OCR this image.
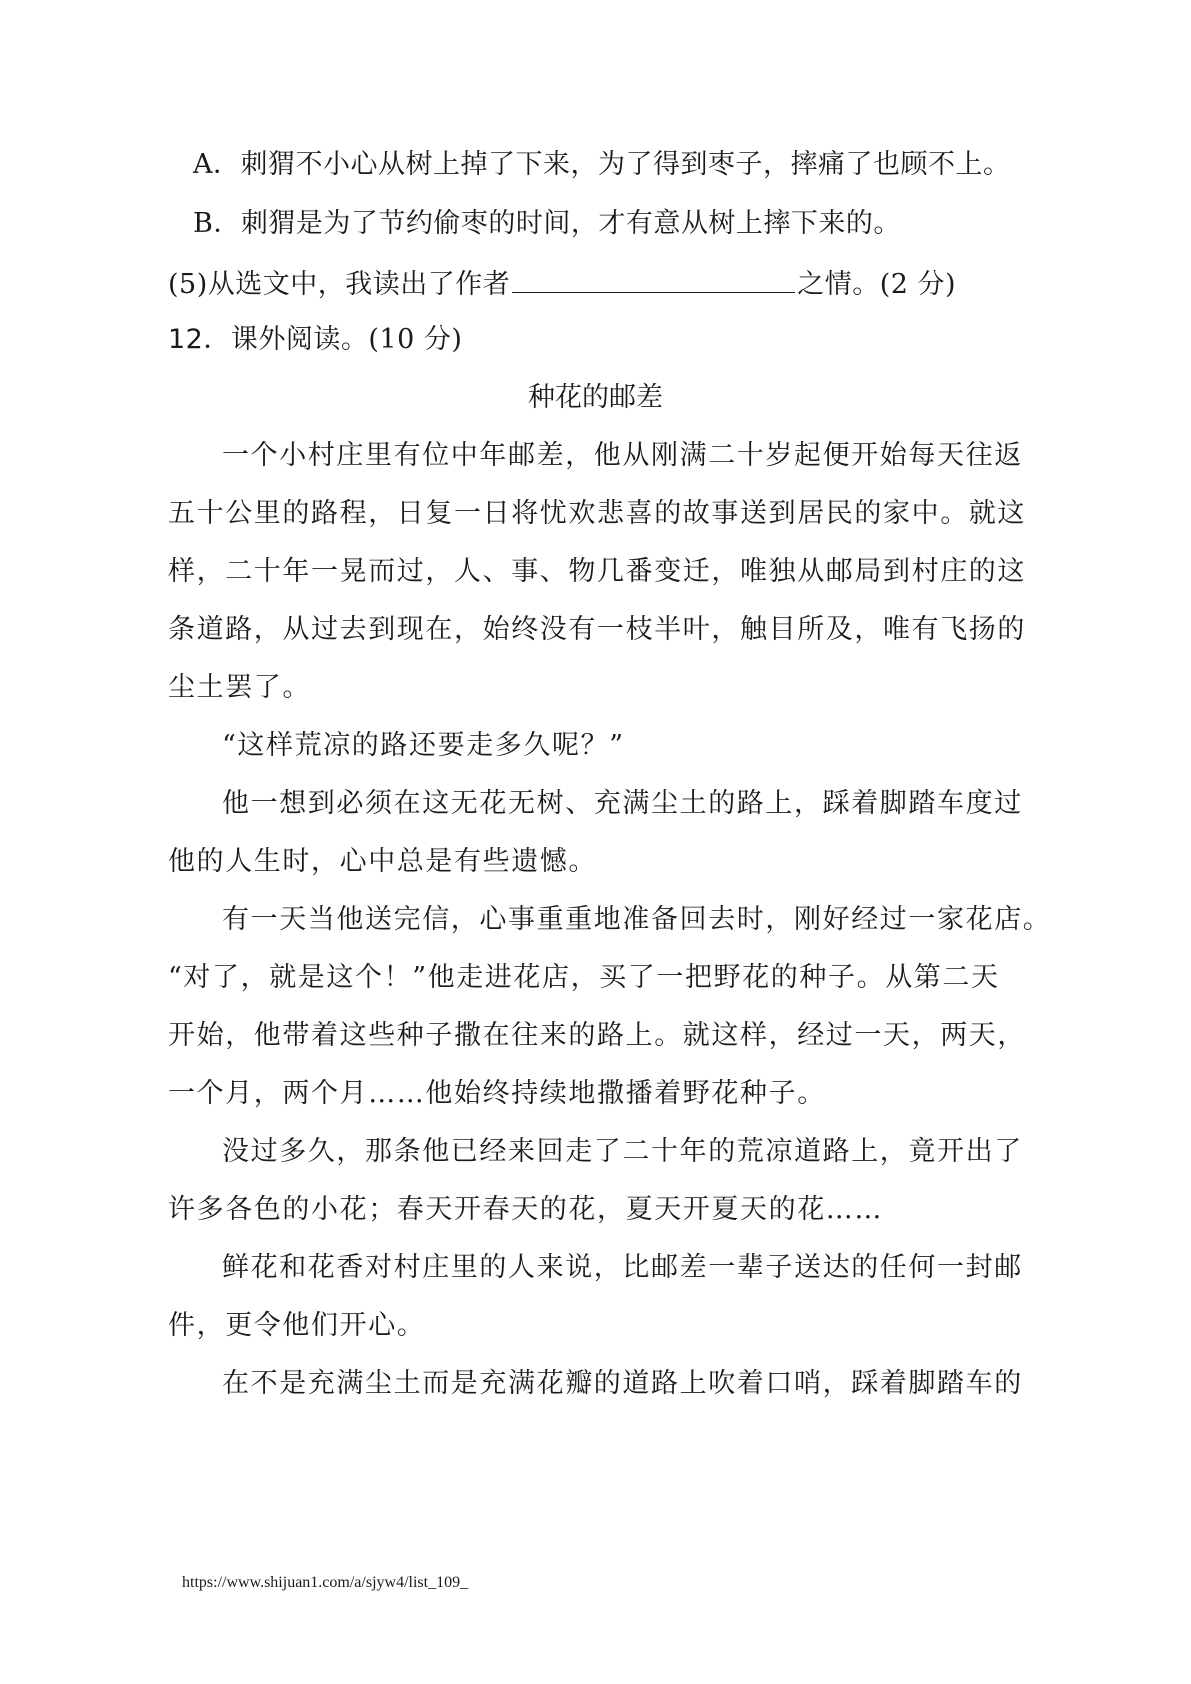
A．刺猬不小心从树上掉了下来，为了得到枣子，摔痛了也顾不上。
B．刺猬是为了节约偷枣的时间，才有意从树上摔下来的。
(5)从选文中，我读出了作者	之情。(2 分)
12．课外阅读。(10 分)
种花的邮差
一个小村庄里有位中年邮差，他从刚满二十岁起便开始每天往返
五十公里的路程，日复一日将忧欢悲喜的故事送到居民的家中。就这
样，二十年一晃而过，人、事、物几番变迁，唯独从邮局到村庄的这
条道路，从过去到现在，始终没有一枝半叶，触目所及，唯有飞扬的
尘土罢了。
“这样荒凉的路还要走多久呢？”
他一想到必须在这无花无树、充满尘土的路上，踩着脚踏车度过
他的人生时，心中总是有些遗憾。
有一天当他送完信，心事重重地准备回去时，刚好经过一家花店。
“对了，就是这个！”他走进花店，买了一把野花的种子。从第二天
开始，他带着这些种子撒在往来的路上。就这样，经过一天，两天，
一个月，两个月……他始终持续地撒播着野花种子。
没过多久，那条他已经来回走了二十年的荒凉道路上，竟开出了
许多各色的小花；春天开春天的花，夏天开夏天的花……
鲜花和花香对村庄里的人来说，比邮差一辈子送达的任何一封邮
件，更令他们开心。
在不是充满尘土而是充满花瓣的道路上吹着口哨，踩着脚踏车的
https://www.shijuan1.com/a/sjyw4/list_109_
